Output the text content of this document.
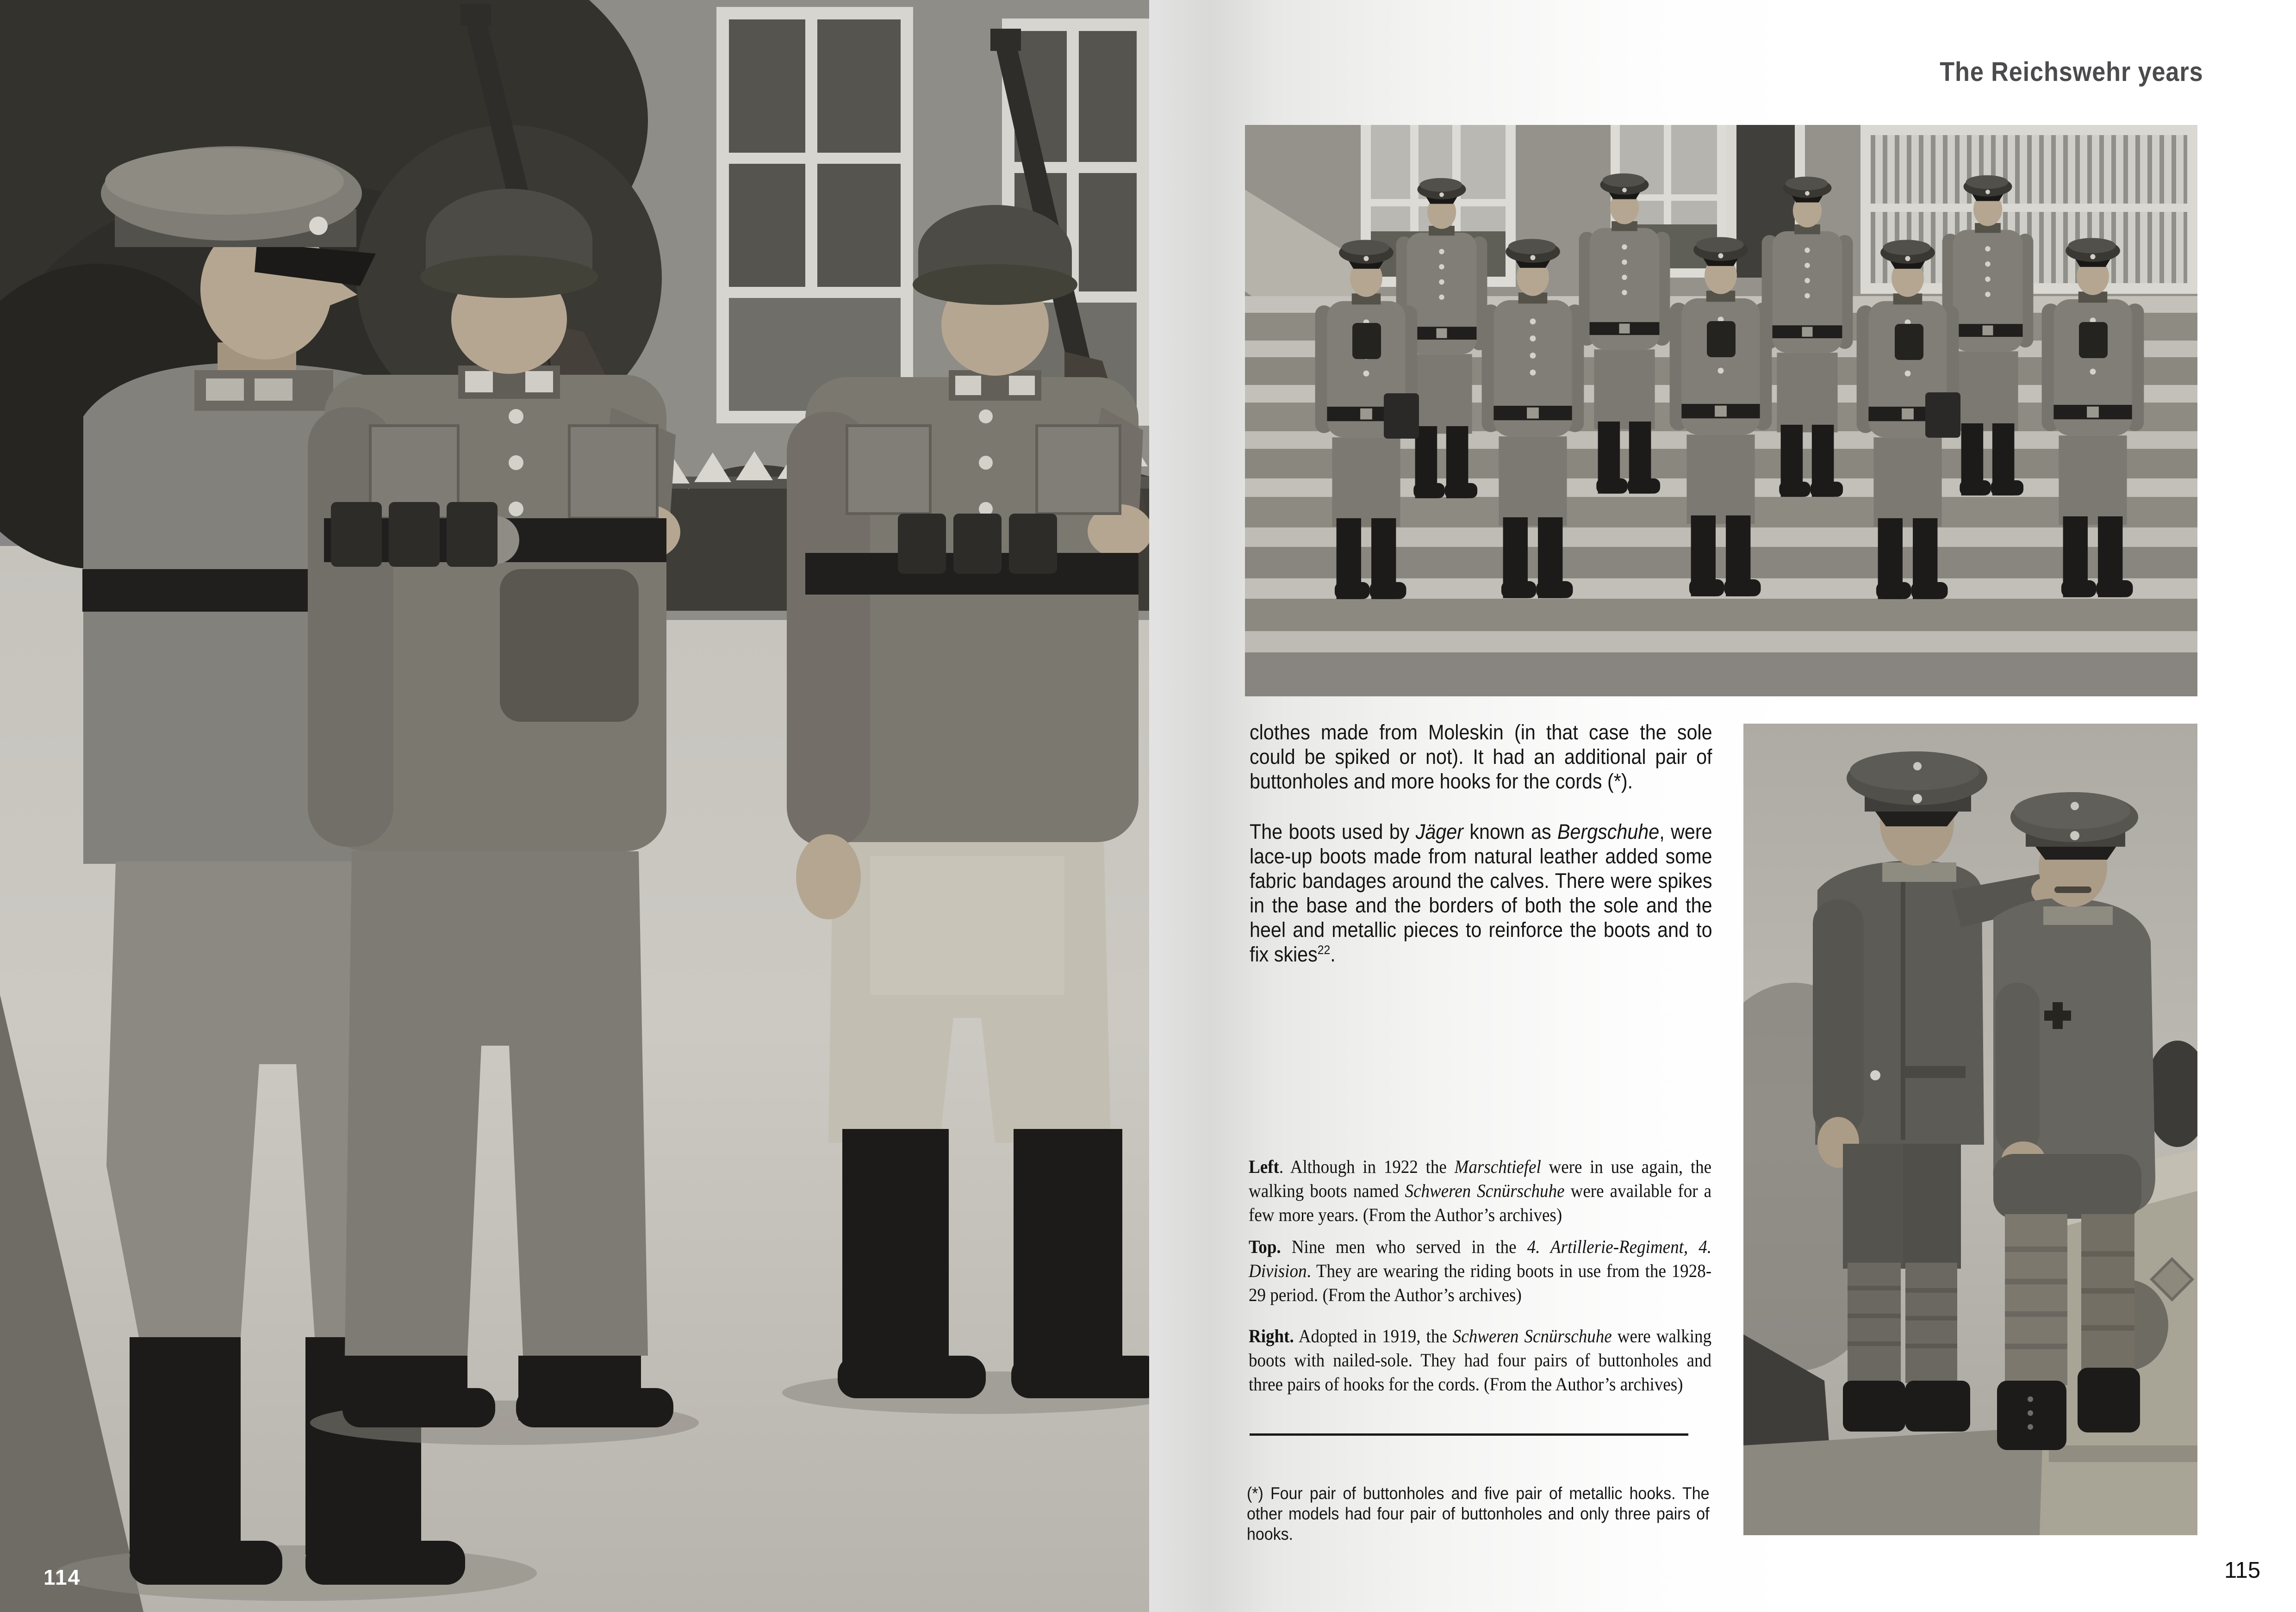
114
The Reichswehr years

clothes made from Moleskin (in that case the sole could be spiked or not). It had an additional pair of buttonholes and more hooks for the cords (*).

The boots used by Jäger known as Bergschuhe, were lace-up boots made from natural leather added some fabric bandages around the calves. There were spikes in the base and the borders of both the sole and the heel and metallic pieces to reinforce the boots and to fix skies$^{22}$.

Left. Although in 1922 the Marschtiefel were in use again, the walking boots named Schweren Scnürschuhe were available for a few more years. (From the Author’s archives)
Top. Nine men who served in the 4. Artillerie-Regiment, 4. Division. They are wearing the riding boots in use from the 1928-29 period. (From the Author’s archives)
Right. Adopted in 1919, the Schweren Scnürschuhe were walking boots with nailed-sole. They had four pairs of buttonholes and three pairs of hooks for the cords. (From the Author’s archives)
(*) Four pair of buttonholes and five pair of metallic hooks. The other models had four pair of buttonholes and only three pairs of hooks.
115
